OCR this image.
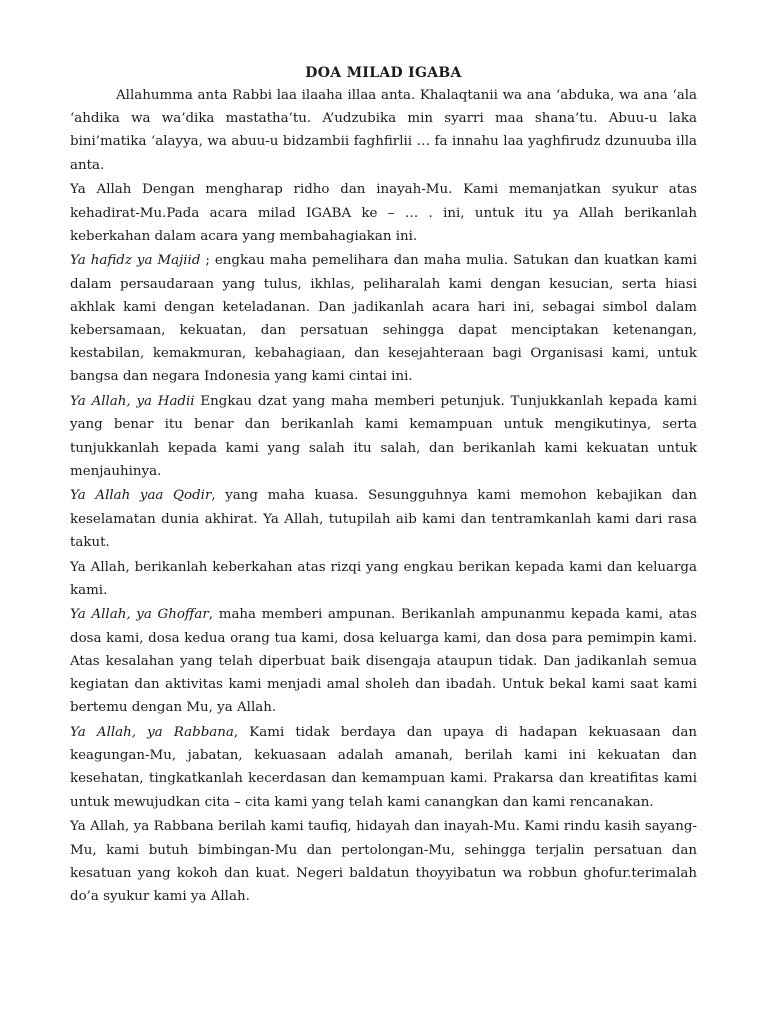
DOA MILAD IGABA

Allahumma anta Rabbi laa ilaaha illaa anta. Khalaqtanii wa ana ‘abduka, wa ana ‘ala ‘ahdika wa wa’dika mastatha’tu. A’udzubika min syarri maa shana’tu. Abuu-u laka bini’matika ‘alayya, wa abuu-u bidzambii faghfirlii … fa innahu laa yaghfirudz dzunuuba illa anta.

Ya Allah Dengan mengharap ridho dan inayah-Mu. Kami memanjatkan syukur atas kehadirat-Mu.Pada acara milad IGABA ke – … . ini, untuk itu ya Allah berikanlah keberkahan dalam acara yang membahagiakan ini.

Ya hafidz ya Majiid ; engkau maha pemelihara dan maha mulia. Satukan dan kuatkan kami dalam persaudaraan yang tulus, ikhlas, peliharalah kami dengan kesucian, serta hiasi akhlak kami dengan keteladanan. Dan jadikanlah acara hari ini, sebagai simbol dalam kebersamaan, kekuatan, dan persatuan sehingga dapat menciptakan ketenangan, kestabilan, kemakmuran, kebahagiaan, dan kesejahteraan bagi Organisasi kami, untuk bangsa dan negara Indonesia yang kami cintai ini.

Ya Allah, ya Hadii Engkau dzat yang maha memberi petunjuk. Tunjukkanlah kepada kami yang benar itu benar dan berikanlah kami kemampuan untuk mengikutinya, serta tunjukkanlah kepada kami yang salah itu salah, dan berikanlah kami kekuatan untuk menjauhinya.

Ya Allah yaa Qodir, yang maha kuasa. Sesungguhnya kami memohon kebajikan dan keselamatan dunia akhirat. Ya Allah, tutupilah aib kami dan tentramkanlah kami dari rasa takut.

Ya Allah, berikanlah keberkahan atas rizqi yang engkau berikan kepada kami dan keluarga kami.

Ya Allah, ya Ghoffar, maha memberi ampunan. Berikanlah ampunanmu kepada kami, atas dosa kami, dosa kedua orang tua kami, dosa keluarga kami, dan dosa para pemimpin kami. Atas kesalahan yang telah diperbuat baik disengaja ataupun tidak. Dan jadikanlah semua kegiatan dan aktivitas kami menjadi amal sholeh dan ibadah. Untuk bekal kami saat kami bertemu dengan Mu, ya Allah.

Ya Allah, ya Rabbana, Kami tidak berdaya dan upaya di hadapan kekuasaan dan keagungan-Mu, jabatan, kekuasaan adalah amanah, berilah kami ini kekuatan dan kesehatan, tingkatkanlah kecerdasan dan kemampuan kami. Prakarsa dan kreatifitas kami untuk mewujudkan cita – cita kami yang telah kami canangkan dan kami rencanakan.

Ya Allah, ya Rabbana berilah kami taufiq, hidayah dan inayah-Mu. Kami rindu kasih sayang-Mu, kami butuh bimbingan-Mu dan pertolongan-Mu, sehingga terjalin persatuan dan kesatuan yang kokoh dan kuat. Negeri baldatun thoyyibatun wa robbun ghofur.terimalah do’a syukur kami ya Allah.
